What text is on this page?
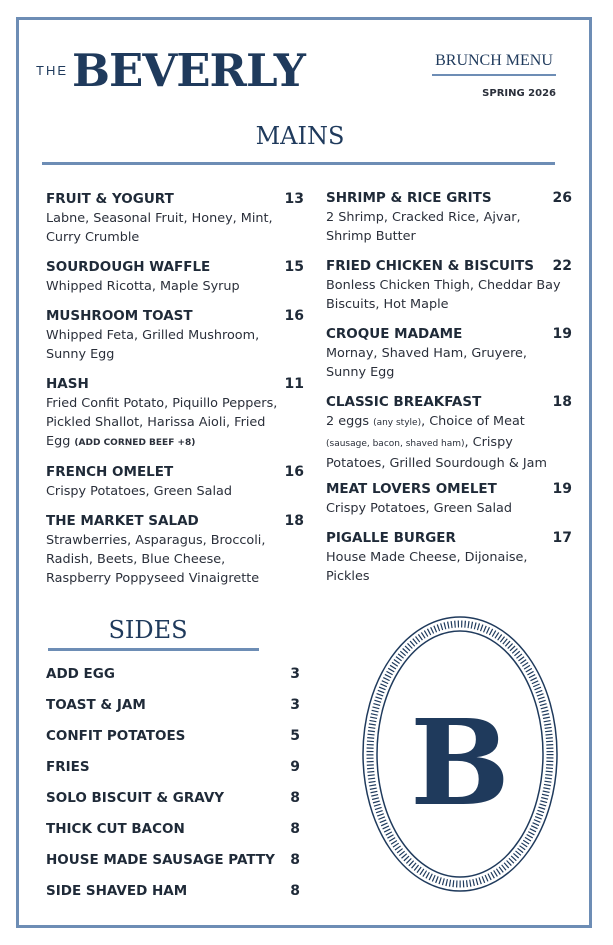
THE BEVERLY	BRUNCH MENU
SPRING 2026
MAINS
FRUIT & YOGURT	13
Labne, Seasonal Fruit, Honey, Mint,
Curry Crumble
SOURDOUGH WAFFLE	15
Whipped Ricotta, Maple Syrup
MUSHROOM TOAST	16
Whipped Feta, Grilled Mushroom,
Sunny Egg
HASH	11
Fried Confit Potato, Piquillo Peppers,
Pickled Shallot, Harissa Aioli, Fried
Egg (ADD CORNED BEEF +8)
FRENCH OMELET	16
Crispy Potatoes, Green Salad
THE MARKET SALAD	18
Strawberries, Asparagus, Broccoli,
Radish, Beets, Blue Cheese,
Raspberry Poppyseed Vinaigrette
SHRIMP & RICE GRITS	26
2 Shrimp, Cracked Rice, Ajvar,
Shrimp Butter
FRIED CHICKEN & BISCUITS 22
Bonless Chicken Thigh, Cheddar Bay
Biscuits, Hot Maple
CROQUE MADAME	19
Mornay, Shaved Ham, Gruyere,
Sunny Egg
CLASSIC BREAKFAST	18
2 eggs (any style), Choice of Meat
(sausage, bacon, shaved ham), Crispy
Potatoes, Grilled Sourdough & Jam
MEAT LOVERS OMELET	19
Crispy Potatoes, Green Salad
PIGALLE BURGER	17
House Made Cheese, Dijonaise,
Pickles
SIDES
ADD EGG	3
TOAST & JAM	3
CONFIT POTATOES	5
FRIES	9
SOLO BISCUIT & GRAVY	8
THICK CUT BACON	8
HOUSE MADE SAUSAGE PATTY 8
SIDE SHAVED HAM	8
B
